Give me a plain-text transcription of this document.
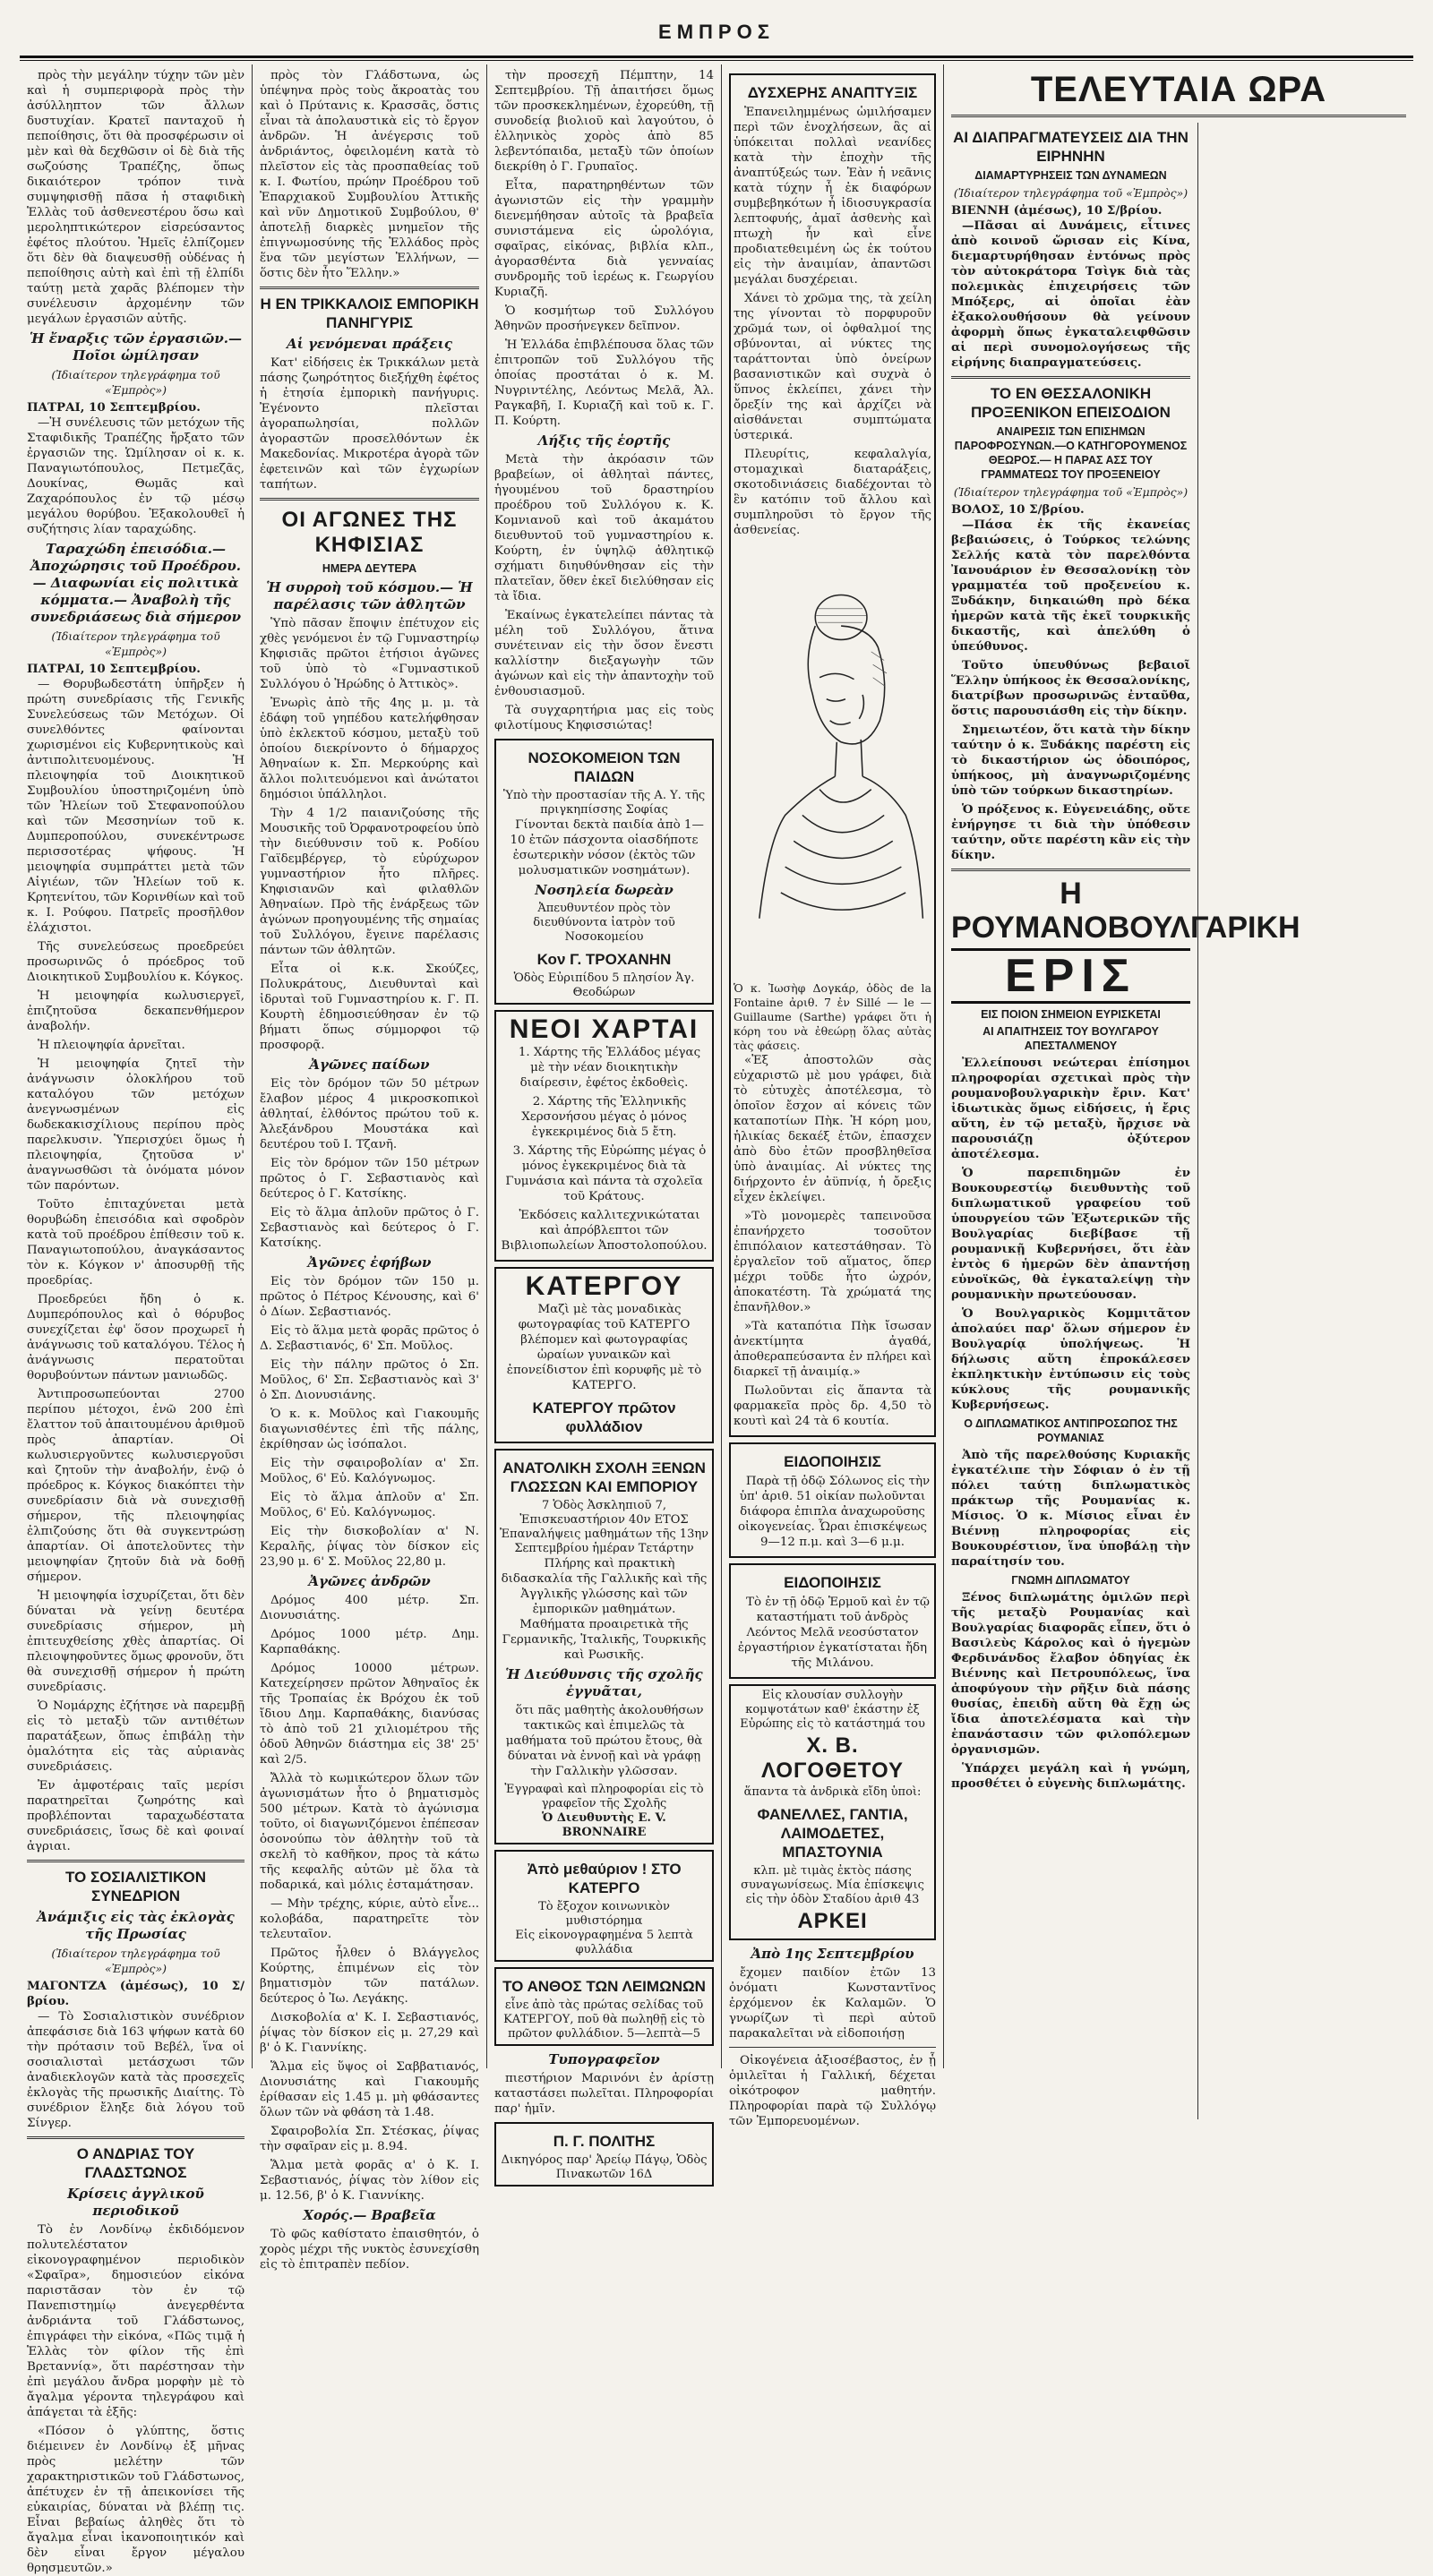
ΕΜΠΡΟΣ

πρὸς τὴν μεγάλην τύχην τῶν μὲν καὶ ἡ συμπεριφορὰ πρὸς τὴν ἀσύλληπτον τῶν ἄλλων δυστυχίαν. Κρατεῖ πανταχοῦ ἡ πεποίθησις, ὅτι θὰ προσφέρωσιν οἱ μὲν καὶ θὰ δεχθῶσιν οἱ δὲ διὰ τῆς σωζούσης Τραπέζης, ὅπως δικαιότερον τρόπον τινὰ συμψηφισθῇ πᾶσα ἡ σταφιδικὴ Ἑλλὰς τοῦ ἀσθενεστέρου ὅσω καὶ μεροληπτικώτερον εἰσρεύσαντος ἐφέτος πλούτου. Ἡμεῖς ἐλπίζομεν ὅτι δὲν θὰ διαψευσθῇ οὐδένας ἡ πεποίθησις αὐτὴ καὶ ἐπὶ τῇ ἐλπίδι ταύτῃ μετὰ χαρᾶς βλέπομεν τὴν συνέλευσιν ἀρχομένην τῶν μεγάλων ἐργασιῶν αὐτῆς.

Ἡ ἔναρξις τῶν ἐργασιῶν.— Ποῖοι ὡμίλησαν
(Ἰδιαίτερον τηλεγράφημα τοῦ «Ἐμπρὸς»)
ΠΑΤΡΑΙ, 10 Σεπτεμβρίου.

—Ἡ συνέλευσις τῶν μετόχων τῆς Σταφιδικῆς Τραπέζης ἤρξατο τῶν ἐργασιῶν της. Ὡμίλησαν οἱ κ. κ. Παναγιωτόπουλος, Πετμεζᾶς, Δουκίνας, Θωμᾶς καὶ Ζαχαρόπουλος ἐν τῷ μέσῳ μεγάλου θορύβου. Ἐξακολουθεῖ ἡ συζήτησις λίαν ταραχώδης.

Ταραχώδη ἐπεισόδια.— Ἀποχώρησις τοῦ Προέδρου.— Διαφωνίαι εἰς πολιτικὰ κόμματα.— Ἀναβολὴ τῆς συνεδριάσεως διὰ σήμερον
(Ἰδιαίτερον τηλεγράφημα τοῦ «Ἐμπρὸς»)
ΠΑΤΡΑΙ, 10 Σεπτεμβρίου.

— Θορυβωδεστάτη ὑπῆρξεν ἡ πρώτη συνεδρίασις τῆς Γενικῆς Συνελεύσεως τῶν Μετόχων. Οἱ συνελθόντες φαίνονται χωρισμένοι εἰς Κυβερνητικοὺς καὶ ἀντιπολιτευομένους. Ἡ πλειοψηφία τοῦ Διοικητικοῦ Συμβουλίου ὑποστηριζομένη ὑπὸ τῶν Ἠλείων τοῦ Στεφανοπούλου καὶ τῶν Μεσσηνίων τοῦ κ. Δυμπεροπούλου, συνεκέντρωσε περισσοτέρας ψήφους. Ἡ μειοψηφία συμπράττει μετὰ τῶν Αἰγιέων, τῶν Ἠλείων τοῦ κ. Κρητενίτου, τῶν Κορινθίων καὶ τοῦ κ. Ι. Ρούφου. Πατρεῖς προσῆλθον ἐλάχιστοι.

Τῆς συνελεύσεως προεδρεύει προσωρινῶς ὁ πρόεδρος τοῦ Διοικητικοῦ Συμβουλίου κ. Κόγκος.

Ἡ μειοψηφία κωλυσιεργεῖ, ἐπιζητοῦσα δεκαπενθήμερον ἀναβολήν.

Ἡ πλειοψηφία ἀρνεῖται.

Ἡ μειοψηφία ζητεῖ τὴν ἀνάγνωσιν ὀλοκλήρου τοῦ καταλόγου τῶν μετόχων ἀνεγνωσμένων εἰς δωδεκακισχίλιους περίπου πρὸς παρελκυσιν. Ὑπερισχύει ὅμως ἡ πλειοψηφία, ζητοῦσα ν' ἀναγνωσθῶσι τὰ ὀνόματα μόνον τῶν παρόντων.

Τοῦτο ἐπιταχύνεται μετὰ θορυβώδη ἐπεισόδια καὶ σφοδρὸν κατὰ τοῦ προέδρου ἐπίθεσιν τοῦ κ. Παναγιωτοπούλου, ἀναγκάσαντος τὸν κ. Κόγκον ν' ἀποσυρθῇ τῆς προεδρίας.

Προεδρεύει ἤδη ὁ κ. Δυμπερόπουλος καὶ ὁ θόρυβος συνεχίζεται ἐφ' ὅσον προχωρεῖ ἡ ἀνάγνωσις τοῦ καταλόγου. Τέλος ἡ ἀνάγνωσις περατοῦται θορυβούντων πάντων μανιωδῶς.

Ἀντιπροσωπεύονται 2700 περίπου μέτοχοι, ἐνῶ 200 ἐπὶ ἔλαττον τοῦ ἀπαιτουμένου ἀριθμοῦ πρὸς ἀπαρτίαν. Οἱ κωλυσιεργοῦντες κωλυσιεργοῦσι καὶ ζητοῦν τὴν ἀναβολήν, ἐνῷ ὁ πρόεδρος κ. Κόγκος διακόπτει τὴν συνεδρίασιν διὰ νὰ συνεχισθῇ σήμερον, τῆς πλειοψηφίας ἐλπιζούσης ὅτι θὰ συγκεντρώσῃ ἀπαρτίαν. Οἱ ἀποτελοῦντες τὴν μειοψηφίαν ζητοῦν διὰ νὰ δοθῇ σήμερον.

Ἡ μειοψηφία ἰσχυρίζεται, ὅτι δὲν δύναται νὰ γείνῃ δευτέρα συνεδρίασις σήμερον, μὴ ἐπιτευχθείσης χθὲς ἀπαρτίας. Οἱ πλειοψηφοῦντες ὅμως φρονοῦν, ὅτι θὰ συνεχισθῇ σήμερον ἡ πρώτη συνεδρίασις.

Ὁ Νομάρχης ἐζήτησε νὰ παρεμβῇ εἰς τὸ μεταξὺ τῶν αντιθέτων παρατάξεων, ὅπως ἐπιβάλῃ τὴν ὁμαλότητα εἰς τὰς αὐριανὰς συνεδριάσεις.

Ἐν ἀμφοτέραις ταῖς μερίσι παρατηρεῖται ζωηρότης καὶ προβλέπονται ταραχωδέστατα συνεδριάσεις, ἴσως δὲ καὶ φοιναί ἀγριαι.

ΤΟ ΣΟΣΙΑΛΙΣΤΙΚΟΝ ΣΥΝΕΔΡΙΟΝ
Ἀνάμιξις εἰς τὰς ἐκλογὰς τῆς Πρωσίας
(Ἰδιαίτερον τηλεγράφημα τοῦ «Ἐμπρὸς»)
ΜΑΓΟΝΤΖΑ (ἀμέσως), 10 Σ/βρίου.

— Τὸ Σοσιαλιστικὸν συνέδριον ἀπεφάσισε διὰ 163 ψήφων κατὰ 60 τὴν πρότασιν τοῦ Βεβέλ, ἵνα οἱ σοσιαλισταὶ μετάσχωσι τῶν ἀναδιεκλογῶν κατὰ τὰς προσεχεῖς ἐκλογὰς τῆς πρωσικῆς Διαίτης. Τὸ συνέδριον ἔληξε διὰ λόγου τοῦ Σίνγερ.

Ο ΑΝΔΡΙΑΣ ΤΟΥ ΓΛΑΔΣΤΩΝΟΣ
Κρίσεις ἀγγλικοῦ περιοδικοῦ

Τὸ ἐν Λονδίνῳ ἐκδιδόμενον πολυτελέστατον εἰκονογραφημένον περιοδικὸν «Σφαῖρα», δημοσιεύον εἰκόνα παριστᾶσαν τὸν ἐν τῷ Πανεπιστημίῳ ἀνεγερθέντα ἀνδριάντα τοῦ Γλάδστωνος, ἐπιγράφει τὴν εἰκόνα, «Πῶς τιμᾷ ἡ Ἑλλὰς τὸν φίλον τῆς ἐπὶ Βρεταννίᾳ», ὅτι παρέστησαν τὴν ἐπὶ μεγάλου ἄνδρα μορφὴν μὲ τὸ ἄγαλμα γέροντα τηλεγράφου καὶ ἀπάγεται τὰ ἑξῆς:

«Πόσον ὁ γλύπτης, ὅστις διέμεινεν ἐν Λονδίνῳ ἐξ μῆνας πρὸς μελέτην τῶν χαρακτηριστικῶν τοῦ Γλάδστωνος, ἀπέτυχεν ἐν τῇ ἀπεικονίσει τῆς εὐκαιρίας, δύναται νὰ βλέπῃ τις. Εἶναι βεβαίως ἀληθὲς ὅτι τὸ ἄγαλμα εἶναι ἱκανοποιητικόν καὶ δὲν εἶναι ἔργον μέγαλου θρησμευτῶν.»

πρὸς τὸν Γλάδστωνα, ὡς ὑπέψηνα πρὸς τοὺς ἄκροατὰς του καὶ ὁ Πρύτανις κ. Κρασσᾶς, ὅστις εἶναι τὰ ἀπολαυστικὰ εἰς τὸ ἔργον ἀνδρῶν. Ἡ ἀνέγερσις τοῦ ἀνδριάντος, ὀφειλομένη κατὰ τὸ πλεῖστον εἰς τὰς προσπαθείας τοῦ κ. Ι. Φωτίου, πρώην Προέδρου τοῦ Ἐπαρχιακοῦ Συμβουλίου Ἀττικῆς καὶ νῦν Δημοτικοῦ Συμβούλου, θ' ἀποτελῇ διαρκὲς μνημεῖον τῆς ἐπιγνωμοσύνης τῆς Ἑλλάδος πρὸς ἕνα τῶν μεγίστων Ἑλλήνων, — ὅστις δὲν ἦτο Ἕλλην.»

Η ΕΝ ΤΡΙΚΚΑΛΟΙΣ ΕΜΠΟΡΙΚΗ ΠΑΝΗΓΥΡΙΣ
Αἱ γενόμεναι πράξεις

Κατ' εἰδήσεις ἐκ Τρικκάλων μετὰ πάσης ζωηρότητος διεξήχθη ἐφέτος ἡ ἐτησία ἐμπορικὴ πανήγυρις. Ἐγένοντο πλεῖσται ἀγοραπωλησίαι, πολλῶν ἀγοραστῶν προσελθόντων ἐκ Μακεδονίας. Μικροτέρα ἀγορὰ τῶν ἐφετεινῶν καὶ τῶν ἐγχωρίων ταπήτων.

ΟΙ ΑΓΩΝΕΣ ΤΗΣ ΚΗΦΙΣΙΑΣ
ΗΜΕΡΑ ΔΕΥΤΕΡΑ
Ἡ συρροὴ τοῦ κόσμου.— Ἡ παρέλασις τῶν ἀθλητῶν

Ὑπὸ πᾶσαν ἔποψιν ἐπέτυχον εἰς χθὲς γενόμενοι ἐν τῷ Γυμναστηρίῳ Κηφισιᾶς πρῶτοι ἐτήσιοι ἀγῶνες τοῦ ὑπὸ τὸ «Γυμναστικοῦ Συλλόγου ὁ Ἡρώδης ὁ Ἀττικὸς».

Ἐνωρὶς ἀπὸ τῆς 4ης μ. μ. τὰ ἐδάφη τοῦ γηπέδου κατελήφθησαν ὑπὸ ἐκλεκτοῦ κόσμου, μεταξὺ τοῦ ὁποίου διεκρίνοντο ὁ δήμαρχος Ἀθηναίων κ. Σπ. Μερκούρης καὶ ἄλλοι πολιτευόμενοι καὶ ἀνώτατοι δημόσιοι ὑπάλληλοι.

Τὴν 4 1/2 παιανιζούσης τῆς Μουσικῆς τοῦ Ὀρφανοτροφείου ὑπὸ τὴν διεύθυνσιν τοῦ κ. Ροδίου Γαϊδεμβέργερ, τὸ εὐρύχωρον γυμναστήριον ἦτο πλῆρες. Κηφισιανῶν καὶ φιλαθλῶν Ἀθηναίων. Πρὸ τῆς ἐνάρξεως τῶν ἀγώνων προηγουμένης τῆς σημαίας τοῦ Συλλόγου, ἔγεινε παρέλασις πάντων τῶν ἀθλητῶν.

Εἶτα οἱ κ.κ. Σκούζες, Πολυκράτους, Διευθυνταὶ καὶ ἰδρυταὶ τοῦ Γυμναστηρίου κ. Γ. Π. Κουρτὴ ἐδημοσιεύθησαν ἐν τῷ βήματι ὅπως σύμμορφοι τῷ προσφορᾷ.

Ἀγῶνες παίδων

Εἰς τὸν δρόμον τῶν 50 μέτρων ἔλαβον μέρος 4 μικροσκοπικοὶ ἀθληταί, ἐλθόντος πρώτου τοῦ κ. Ἀλεξάνδρου Μουστάκα καὶ δευτέρου τοῦ Ι. Τζανῆ.

Εἰς τὸν δρόμον τῶν 150 μέτρων πρῶτος ὁ Γ. Σεβαστιανὸς καὶ δεύτερος ὁ Γ. Κατσίκης.

Εἰς τὸ ἅλμα ἀπλοῦν πρῶτος ὁ Γ. Σεβαστιανὸς καὶ δεύτερος ὁ Γ. Κατσίκης.

Ἀγῶνες ἐφήβων

Εἰς τὸν δρόμον τῶν 150 μ. πρῶτος ὁ Πέτρος Κένουσης, καὶ 6' ὁ Δίων. Σεβαστιανός.

Εἰς τὸ ἅλμα μετὰ φορᾶς πρῶτος ὁ Δ. Σεβαστιανός, 6' Σπ. Μοῦλος.

Εἰς τὴν πάλην πρῶτος ὁ Σπ. Μοῦλος, 6' Σπ. Σεβαστιανὸς καὶ 3' ὁ Σπ. Διονυσιάνης.

Ὁ κ. κ. Μοῦλος καὶ Γιακουμῆς διαγωνισθέντες ἐπὶ τῆς πάλης, ἐκρίθησαν ὡς ἰσόπαλοι.

Εἰς τὴν σφαιροβολίαν α' Σπ. Μοῦλος, 6' Εὐ. Καλόγνωμος.

Εἰς τὸ ἅλμα ἀπλοῦν α' Σπ. Μοῦλος, 6' Εὐ. Καλόγνωμος.

Εἰς τὴν δισκοβολίαν α' Ν. Κεραλῆς, ῥίψας τὸν δίσκον εἰς 23,90 μ. 6' Σ. Μοῦλος 22,80 μ.

Ἀγῶνες ἀνδρῶν

Δρόμος 400 μέτρ. Σπ. Διονυσιάτης.

Δρόμος 1000 μέτρ. Δημ. Καρπαθάκης.

Δρόμος 10000 μέτρων. Κατεχείρησεν πρῶτον Ἀθηναῖος ἐκ τῆς Τροπαίας ἐκ Βρόχου ἐκ τοῦ ἴδιου Δημ. Καρπαθάκης, διανύσας τὸ ἀπὸ τοῦ 21 χιλιομέτρου τῆς ὁδοῦ Ἀθηνῶν διάστημα εἰς 38' 25' καὶ 2/5.

Ἄλλὰ τὸ κωμικώτερον ὅλων τῶν ἀγωνισμάτων ἦτο ὁ βηματισμὸς 500 μέτρων. Κατὰ τὸ ἀγώνισμα τοῦτο, οἱ διαγωνιζόμενοι ἐπέπεσαν ὁσονούπω τὸν ἀθλητὴν τοῦ τὰ σκελῆ τὸ καθῆκον, προς τὰ κάτω τῆς κεφαλῆς αὐτῶν μὲ ὅλα τὰ ποδαρικά, καὶ μόλις ἐσταμάτησαν.

— Μὴν τρέχης, κύριε, αὐτὸ εἶνε... κολοβάδα, παρατηρεῖτε τὸν τελευταῖον.

Πρῶτος ἦλθεν ὁ Βλάγγελος Κούρτης, ἐπιμένων εἰς τὸν βηματισμὸν τῶν πατάλων. δεύτερος ὁ Ἰω. Λεγάκης.

Δισκοβολία α' Κ. Ι. Σεβαστιανός, ῥίψας τὸν δίσκον εἰς μ. 27,29 καὶ β' ὁ Κ. Γιαννίκης.

Ἅλμα εἰς ὕψος οἱ Σαββατιανός, Διονυσιάτης καὶ Γιακουμῆς ἐρίθασαν εἰς 1.45 μ. μὴ φθάσαντες ὅλων τῶν νὰ φθάση τὰ 1.48.

Σφαιροβολία Σπ. Στέσκας, ῥίψας τὴν σφαῖραν εἰς μ. 8.94.

Ἅλμα μετὰ φορᾶς α' ὁ Κ. Ι. Σεβαστιανός, ῥίψας τὸν λίθον εἰς μ. 12.56, β' ὁ Κ. Γιαννίκης.

Χορός.— Βραβεῖα

Τὸ φῶς καθίστατο ἐπαισθητόν, ὁ χορὸς μέχρι τῆς νυκτὸς ἐσυνεχίσθη εἰς τὸ ἐπιτραπὲν πεδίον.

τὴν προσεχῆ Πέμπτην, 14 Σεπτεμβρίου. Τῇ ἀπαιτήσει ὅμως τῶν προσκεκλημένων, ἐχορεύθη, τῇ συνοδείᾳ βιολιοῦ καὶ λαγούτου, ὁ ἑλληνικὸς χορὸς ἀπὸ 85 λεβεντόπαιδα, μεταξὺ τῶν ὁποίων διεκρίθη ὁ Γ. Γρυπαῖος.

Εἶτα, παρατηρηθέντων τῶν ἀγωνιστῶν εἰς τὴν γραμμὴν διενεμήθησαν αὐτοῖς τὰ βραβεῖα συνιστάμενα εἰς ὡρολόγια, σφαῖρας, εἰκόνας, βιβλία κλπ., ἀγορασθέντα διὰ γενναίας συνδρομῆς τοῦ ἱερέως κ. Γεωργίου Κυριαζῆ.

Ὁ κοσμήτωρ τοῦ Συλλόγου Ἀθηνῶν προσήνεγκεν δεῖπνον.

Ἡ Ἑλλάδα ἐπιβλέπουσα ὅλας τῶν ἐπιτροπῶν τοῦ Συλλόγου τῆς ὁποίας προστάται ὁ κ. Μ. Νυγριντέλης, Λεόντως Μελᾶ, Ἀλ. Ραγκαβῆ, Ι. Κυριαζῆ καὶ τοῦ κ. Γ. Π. Κούρτη.

Λήξις τῆς ἑορτῆς

Μετὰ τὴν ἀκρόασιν τῶν βραβείων, οἱ ἀθληταὶ πάντες, ἡγουμένου τοῦ δραστηρίου προέδρου τοῦ Συλλόγου κ. Κ. Κομνιανοῦ καὶ τοῦ ἀκαμάτου διευθυντοῦ τοῦ γυμναστηρίου κ. Κούρτη, ἐν ὑψηλῷ ἀθλητικῷ σχήματι διηυθύνθησαν εἰς τὴν πλατεῖαν, ὅθεν ἐκεῖ διελύθησαν εἰς τὰ ἴδια.

Ἐκαίνως ἐγκατελείπει πάντας τὰ μέλη τοῦ Συλλόγου, ἅτινα συνέτειναν εἰς τὴν ὅσον ἔνεστι καλλίστην διεξαγωγὴν τῶν ἀγώνων καὶ εἰς τὴν ἀπαντοχὴν τοῦ ἐνθουσιασμοῦ.

Τὰ συγχαρητήρια μας εἰς τοὺς φιλοτίμους Κηφισσιώτας!

ΝΟΣΟΚΟΜΕΙΟΝ ΤΩΝ ΠΑΙΔΩΝ
Ὑπὸ τὴν προστασίαν τῆς Α. Υ. τῆς πριγκηπίσσης Σοφίας

Γίνονται δεκτὰ παιδία ἀπὸ 1—10 ἐτῶν πάσχοντα οἱασδήποτε ἐσωτερικὴν νόσον (ἐκτὸς τῶν μολυσματικῶν νοσημάτων).

Νοσηλεία δωρεὰν
Ἀπευθυντέον πρὸς τὸν διευθύνοντα ἰατρὸν τοῦ Νοσοκομείου
Κον Γ. ΤΡΟΧΑΝΗΝ
Ὁδὸς Εὐριπίδου 5 πλησίον Ἀγ. Θεοδώρων
ΝΕΟΙ ΧΑΡΤΑΙ

1. Χάρτης τῆς Ἑλλάδος μέγας μὲ τὴν νέαν διοικητικὴν διαίρεσιν, ἐφέτος ἐκδοθεὶς.

2. Χάρτης τῆς Ἑλληνικῆς Χερσονήσου μέγας ὁ μόνος ἐγκεκριμένος διὰ 5 ἔτη.

3. Χάρτης τῆς Εὐρώπης μέγας ὁ μόνος ἐγκεκριμένος διὰ τὰ Γυμνάσια καὶ πάντα τὰ σχολεῖα τοῦ Κράτους.

Ἐκδόσεις καλλιτεχνικώταται καὶ ἀπρόβλεπτοι τῶν Βιβλιοπωλείων Ἀποστολοπούλου.

ΚΑΤΕΡΓΟΥ

Μαζὶ μὲ τὰς μοναδικὰς φωτογραφίας τοῦ ΚΑΤΕΡΓΟ βλέπομεν καὶ φωτογραφίας ὡραίων γυναικῶν καὶ ἐπονείδιστον ἐπὶ κορυφῆς μὲ τὸ ΚΑΤΕΡΓΟ.

ΚΑΤΕΡΓΟΥ πρῶτον φυλλάδιον
ΑΝΑΤΟΛΙΚΗ ΣΧΟΛΗ ΞΕΝΩΝ ΓΛΩΣΣΩΝ ΚΑΙ ΕΜΠΟΡΙΟΥ
7 Ὁδὸς Ἀσκληπιοῦ 7, Ἐπισκευαστήριον 40ν ΕΤΟΣ
Ἐπαναλήψεις μαθημάτων τῆς 13ην Σεπτεμβρίου ἡμέραν Τετάρτην

Πλήρης καὶ πρακτικὴ διδασκαλία τῆς Γαλλικῆς καὶ τῆς Ἀγγλικῆς γλώσσης καὶ τῶν ἐμπορικῶν μαθημάτων. Μαθήματα προαιρετικὰ τῆς Γερμανικῆς, Ἰταλικῆς, Τουρκικῆς καὶ Ρωσικῆς.

Ἡ Διεύθυνσις τῆς σχολῆς ἐγγυᾶται,

ὅτι πᾶς μαθητὴς ἀκολουθήσων τακτικῶς καὶ ἐπιμελῶς τὰ μαθήματα τοῦ πρώτου ἔτους, θὰ δύναται νὰ ἐννοῇ καὶ νὰ γράφῃ τὴν Γαλλικὴν γλῶσσαν.

Ἐγγραφαὶ καὶ πληροφορίαι εἰς τὸ γραφεῖον τῆς Σχολῆς
Ὁ Διευθυντὴς E. V. BRONNAIRE
Ἀπὸ μεθαύριον ! ΣΤΟ ΚΑΤΕΡΓΟ
Τὸ ἔξοχον κοινωνικὸν μυθιστόρημα
Εἰς εἰκονογραφημένα 5 λεπτὰ φυλλάδια
ΤΟ ΑΝΘΟΣ ΤΩΝ ΛΕΙΜΩΝΩΝ
εἶνε ἀπὸ τὰς πρώτας σελίδας τοῦ ΚΑΤΕΡΓΟΥ, ποῦ θὰ πωληθῇ εἰς τὸ πρῶτον φυλλάδιον. 5—λεπτὰ—5
Τυπογραφεῖον

πιεστήριον Μαρινόνι ἐν ἀρίστῃ καταστάσει πωλεῖται. Πληροφορίαι παρ' ἡμῖν.

Π. Γ. ΠΟΛΙΤΗΣ
Δικηγόρος παρ' Ἀρείῳ Πάγῳ, Ὁδὸς Πινακωτῶν 16Δ
ΔΥΣΧΕΡΗΣ ΑΝΑΠΤΥΞΙΣ

Ἐπανειλημμένως ὡμιλήσαμεν περὶ τῶν ἐνοχλήσεων, ἃς αἱ ὑπόκειται πολλαὶ νεανίδες κατὰ τὴν ἐποχὴν τῆς ἀναπτύξεώς των. Ἐὰν ἡ νεᾶνις κατὰ τύχην ἦ ἐκ διαφόρων συμβεβηκότων ἦ ἰδιοσυγκρασία λεπτοφυής, ἀμαῖ ἀσθενὴς καὶ πτωχὴ ἦν καὶ εἶνε προδιατεθειμένη ὡς ἐκ τούτου εἰς τὴν ἀναιμίαν, ἀπαντῶσι μεγάλαι δυσχέρειαι.

Χάνει τὸ χρῶμα της, τὰ χείλη της γίνονται τὸ πορφυροῦν χρῶμά των, οἱ ὀφθαλμοί της σβύνονται, αἱ νύκτες της ταράττονται ὑπὸ ὀνείρων βασανιστικῶν καὶ συχνὰ ὁ ὕπνος ἐκλείπει, χάνει τὴν ὄρεξίν της καὶ ἀρχίζει νὰ αἰσθάνεται συμπτώματα ὑστερικά.

Πλευρίτις, κεφαλαλγία, στομαχικαὶ διαταράξεις, σκοτοδινιάσεις διαδέχονται τὸ ἓν κατόπιν τοῦ ἄλλου καὶ συμπληροῦσι τὸ ἔργον τῆς ἀσθενείας.

Ὁ κ. Ἰωσὴφ Δογκάρ, ὁδὸς de la Fontaine ἀριθ. 7 ἐν Sillé — le — Guillaume (Sarthe) γράφει ὅτι ἡ κόρη του νὰ ἐθεώρῃ ὅλας αὐτὰς τὰς φάσεις.

«Ἐξ ἀποστολῶν σὰς εὐχαριστῶ μὲ μου γράφει, διὰ τὸ εὐτυχὲς ἀποτέλεσμα, τὸ ὁποῖον ἔσχον αἱ κόνεις τῶν καταποτίων Πὴκ. Ἡ κόρη μου, ἡλικίας δεκαέξ ἐτῶν, ἐπασχεν ἀπὸ δὺο ἐτῶν προσβληθεῖσα ὑπὸ ἀναιμίας. Αἱ νύκτες της διήρχοντο ἐν ἀϋπνίᾳ, ἡ ὄρεξις εἶχεν ἐκλείψει.

»Τὸ μονομερὲς ταπεινοῦσα ἐπανήρχετο τοσοῦτον ἐπιπόλαιον κατεστάθησαν. Τὸ ἐργαλεῖον τοῦ αἵματος, ὅπερ μέχρι τοῦδε ἦτο ὡχρόν, ἀποκατέστη. Τὰ χρώματά της ἐπανῆλθον.»

»Τὰ καταπότια Πὴκ ἴσωσαν ἀνεκτίμητα ἀγαθά, ἀποθεραπεύσαντα ἐν πλήρει καὶ διαρκεῖ τῇ ἀναιμίᾳ.»

Πωλοῦνται εἰς ἅπαντα τὰ φαρμακεῖα πρὸς δρ. 4,50 τὸ κουτὶ καὶ 24 τὰ 6 κουτία.

ΕΙΔΟΠΟΙΗΣΙΣ

Παρὰ τῇ ὁδῷ Σόλωνος εἰς τὴν ὑπ' ἀριθ. 51 οἰκίαν πωλοῦνται διάφορα ἐπιπλα ἀναχωροῦσης οἰκογενείας. Ὧραι ἐπισκέψεως 9—12 π.μ. καὶ 3—6 μ.μ.

ΕΙΔΟΠΟΙΗΣΙΣ

Τὸ ἐν τῇ ὁδῷ Ἑρμοῦ καὶ ἐν τῷ καταστήματι τοῦ ἀνδρὸς Λεόντος Μελᾶ νεοσύστατον ἐργαστήριον ἐγκατίσταται ἤδη τῆς Μιλάνου.

Εἰς κλουσίαν συλλογὴν κομψοτάτων καθ' ἑκάστην ἐξ Εὐρώπης εἰς τὸ κατάστημά του
Χ. Β. ΛΟΓΟΘΕΤΟΥ
ἅπαντα τὰ ἀνδρικὰ εἴδη ὑποὶ:
ΦΑΝΕΛΛΕΣ, ΓΑΝΤΙΑ, ΛΑΙΜΟΔΕΤΕΣ, ΜΠΑΣΤΟΥΝΙΑ
κλπ. μὲ τιμὰς ἐκτὸς πάσης συναγωνίσεως. Μία ἐπίσκεψις εἰς τὴν ὁδὸν Σταδίου ἀριθ 43
ΑΡΚΕΙ
Ἀπὸ 1ης Σεπτεμβρίου

ἔχομεν παιδίον ἐτῶν 13 ὀνόματι Κωνσταντῖνος ἐρχόμενον ἐκ Καλαμῶν. Ὁ γνωρίζων τὶ περὶ αὐτοῦ παρακαλεῖται νὰ εἰδοποιήσῃ

Οἰκογένεια ἀξιοσέβαστος, ἐν ᾗ ὁμιλεῖται ἡ Γαλλική, δέχεται οἰκότροφον μαθητήν. Πληροφορίαι παρὰ τῷ Συλλόγῳ τῶν Ἐμπορευομένων.

ΤΕΛΕΥΤΑΙΑ ΩΡΑ
ΑΙ ΔΙΑΠΡΑΓΜΑΤΕΥΣΕΙΣ ΔΙΑ ΤΗΝ ΕΙΡΗΝΗΝ
ΔΙΑΜΑΡΤΥΡΗΣΕΙΣ ΤΩΝ ΔΥΝΑΜΕΩΝ
(Ἰδιαίτερον τηλεγράφημα τοῦ «Ἐμπρὸς»)
ΒΙΕΝΝΗ (ἀμέσως), 10 Σ/βρίου.

—Πᾶσαι αἱ Δυνάμεις, εἶτινες ἀπὸ κοινοῦ ὥρισαν εἰς Κίνα, διεμαρτυρήθησαν ἐντόνως πρὸς τὸν αὐτοκράτορα Τσὶγκ διὰ τὰς πολεμικὰς ἐπιχειρήσεις τῶν Μπόξερς, αἱ ὁποῖαι ἐὰν ἐξακολουθήσουν θὰ γείνουν ἀφορμὴ ὅπως ἐγκαταλειφθῶσιν αἱ περὶ συνομολογήσεως τῆς εἰρήνης διαπραγματεύσεις.

ΤΟ ΕΝ ΘΕΣΣΑΛΟΝΙΚΗ ΠΡΟΞΕΝΙΚΟΝ ΕΠΕΙΣΟΔΙΟΝ
ΑΝΑΙΡΕΣΙΣ ΤΩΝ ΕΠΙΣΗΜΩΝ ΠΑΡΟΦΡΟΣΥΝΩΝ.—Ο ΚΑΤΗΓΟΡΟΥΜΕΝΟΣ ΘΕΩΡΟΣ.— Η ΠΑΡΑΣ ΑΣΣ ΤΟΥ ΓΡΑΜΜΑΤΕΩΣ ΤΟΥ ΠΡΟΞΕΝΕΙΟΥ
(Ἰδιαίτερον τηλεγράφημα τοῦ «Ἐμπρὸς»)
ΒΟΛΟΣ, 10 Σ/βρίου.

—Πάσα ἐκ τῆς ἐκανείας βεβαιώσεις, ὁ Τούρκος τελώνης Σελλής κατὰ τὸν παρελθόντα Ἰανουάριον ἐν Θεσσαλονίκῃ τὸν γραμματέα τοῦ προξενείου κ. Ξυδάκην, διηκαιώθη πρὸ δέκα ἡμερῶν κατὰ τῆς ἐκεῖ τουρκικῆς δικαστῆς, καὶ ἀπελύθη ὁ ὑπεύθυνος.

Τοῦτο ὑπευθύνως βεβαιοῖ Ἕλλην ὑπήκοος ἐκ Θεσσαλονίκης, διατρίβων προσωρινῶς ἐνταῦθα, ὅστις παρουσιάσθη εἰς τὴν δίκην.

Σημειωτέον, ὅτι κατὰ τὴν δίκην ταύτην ὁ κ. Ξυδάκης παρέστη εἰς τὸ δικαστήριον ὡς ὁδοιπόρος, ὑπήκοος, μὴ ἀναγνωριζομένης ὑπὸ τῶν τούρκων δικαστηρίων.

Ὁ πρόξενος κ. Εὐγενειάδης, οὔτε ἐνήργησε τι διὰ τὴν ὑπόθεσιν ταύτην, οὔτε παρέστη κἂν εἰς τὴν δίκην.

Η ΡΟΥΜΑΝΟΒΟΥΛΓΑΡΙΚΗ
ΕΡΙΣ
ΕΙΣ ΠΟΙΟΝ ΣΗΜΕΙΟΝ ΕΥΡΙΣΚΕΤΑΙ
ΑΙ ΑΠΑΙΤΗΣΕΙΣ ΤΟΥ ΒΟΥΛΓΑΡΟΥ ΑΠΕΣΤΑΛΜΕΝΟΥ

Ἐλλείπουσι νεώτεραι ἐπίσημοι πληροφορίαι σχετικαὶ πρὸς τὴν ρουμανοβουλγαρικὴν ἔριν. Κατ' ἰδιωτικὰς ὅμως εἰδήσεις, ἡ ἔρις αὕτη, ἐν τῷ μεταξὺ, ἤρχισε νὰ παρουσιάζῃ ὀξύτερον ἀποτέλεσμα.

Ὁ παρεπιδημῶν ἐν Βουκουρεστίῳ διευθυντὴς τοῦ διπλωματικοῦ γραφείου τοῦ ὑπουργείου τῶν Ἐξωτερικῶν τῆς Βουλγαρίας διεβίβασε τῇ ρουμανικῇ Κυβερνήσει, ὅτι ἐὰν ἐντὸς 6 ἡμερῶν δὲν ἀπαντήσῃ εὐνοϊκῶς, θὰ ἐγκαταλείψῃ τὴν ρουμανικὴν πρωτεύουσαν.

Ὁ Βουλγαρικὸς Κομμιτᾶτον ἀπολαύει παρ' ὅλων σήμερον ἐν Βουλγαρίᾳ ὑπολήψεως. Ἡ δήλωσις αὕτη ἐπροκάλεσεν ἐκπληκτικὴν ἐντύπωσιν εἰς τοὺς κύκλους τῆς ρουμανικῆς Κυβερνήσεως.

Ο ΔΙΠΛΩΜΑΤΙΚΟΣ ΑΝΤΙΠΡΟΣΩΠΟΣ ΤΗΣ ΡΟΥΜΑΝΙΑΣ

Ἀπὸ τῆς παρελθούσης Κυριακῆς ἐγκατέλιπε τὴν Σόφιαν ὁ ἐν τῇ πόλει ταύτῃ διπλωματικὸς πράκτωρ τῆς Ρουμανίας κ. Μίσιος. Ὁ κ. Μίσιος εἶναι ἐν Βιέννῃ πληροφορίας εἰς Βουκουρέστιον, ἵνα ὑποβάλῃ τὴν παραίτησίν του.

ΓΝΩΜΗ ΔΙΠΛΩΜΑΤΟΥ

Ξένος διπλωμάτης ὁμιλῶν περὶ τῆς μεταξὺ Ρουμανίας καὶ Βουλγαρίας διαφορᾶς εἶπεν, ὅτι ὁ Βασιλεὺς Κάρολος καὶ ὁ ἡγεμὼν Φερδινάνδος ἔλαβον ὁδηγίας ἐκ Βιέννης καὶ Πετρουπόλεως, ἵνα ἀποφύγουν τὴν ρῆξιν διὰ πάσης θυσίας, ἐπειδὴ αὕτη θὰ ἔχῃ ὡς ἴδια ἀποτελέσματα καὶ τὴν ἐπανάστασιν τῶν φιλοπόλεμων ὀργανισμῶν.

Ὑπάρχει μεγάλη καὶ ἡ γνώμη, προσθέτει ὁ εὐγενὴς διπλωμάτης.
